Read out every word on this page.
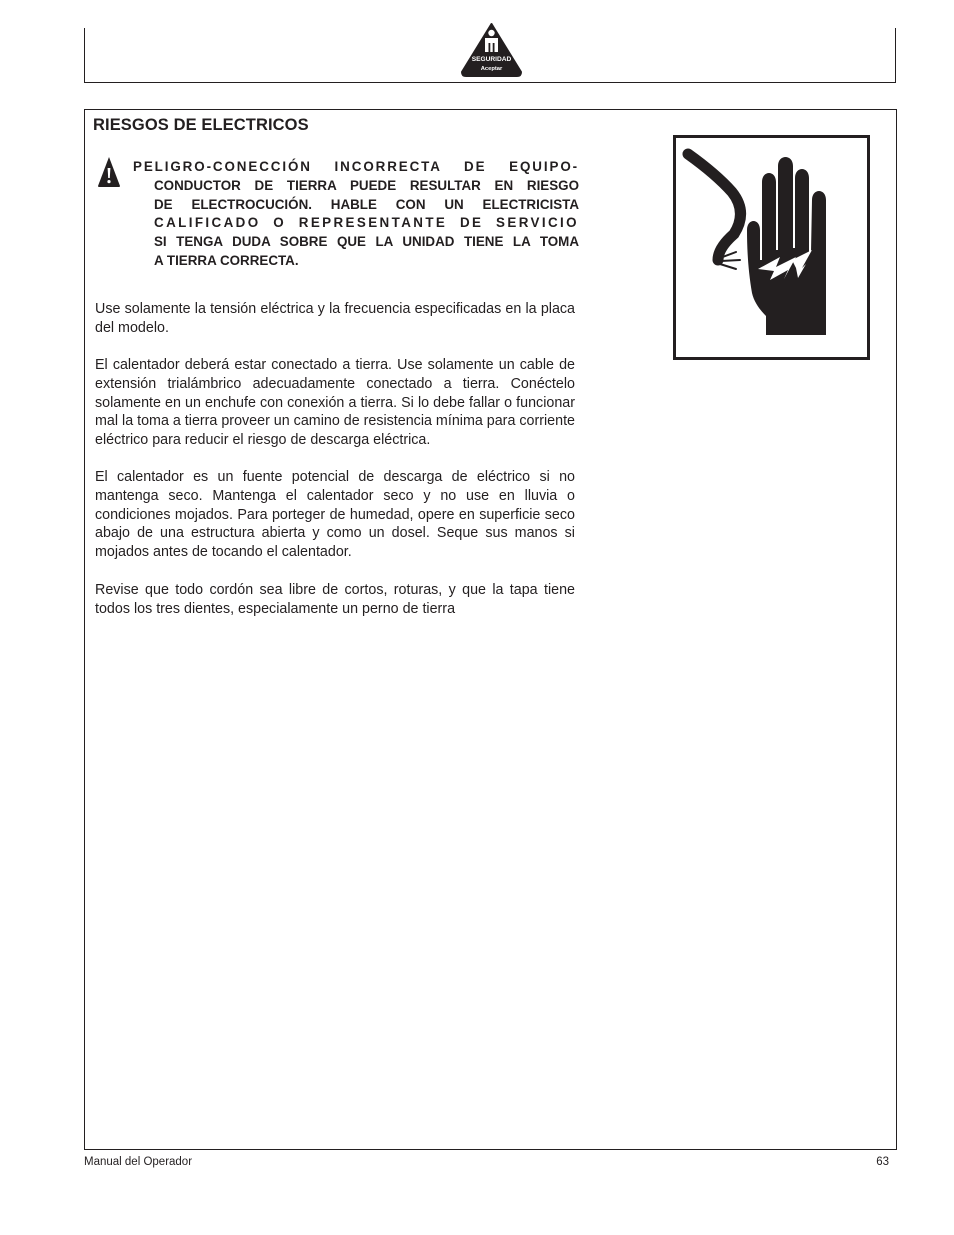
SEGURIDAD
Aceptar
RIESGOS DE ELECTRICOS

PELIGRO-CONECCIÓN INCORRECTA DE EQUIPO-
CONDUCTOR DE TIERRA PUEDE RESULTAR EN RIESGO
DE ELECTROCUCIÓN. HABLE CON UN ELECTRICISTA
CALIFICADO O REPRESENTANTE DE SERVICIO
SI TENGA DUDA SOBRE QUE LA UNIDAD TIENE LA TOMA
A TIERRA CORRECTA.

Use solamente la tensión eléctrica y la frecuencia especificadas en la placa del modelo.

El calentador deberá estar conectado a tierra. Use solamente un cable de extensión trialámbrico adecuadamente conectado a tierra. Conéctelo solamente en un enchufe con conexión a tierra. Si lo debe fallar o funcionar mal la toma a tierra proveer un camino de resistencia mínima para corriente eléctrico para reducir el riesgo de descarga eléctrica.

El calentador es un fuente potencial de descarga de eléctrico si no mantenga seco. Mantenga el calentador seco y no use en lluvia o condiciones mojados. Para porteger de humedad, opere en superficie seco abajo de una estructura abierta y como un dosel. Seque sus manos si mojados antes de tocando el calentador.

Revise que todo cordón sea libre de cortos, roturas, y que la tapa tiene todos los tres dientes, especialamente un perno de tierra

Manual del Operador	63
